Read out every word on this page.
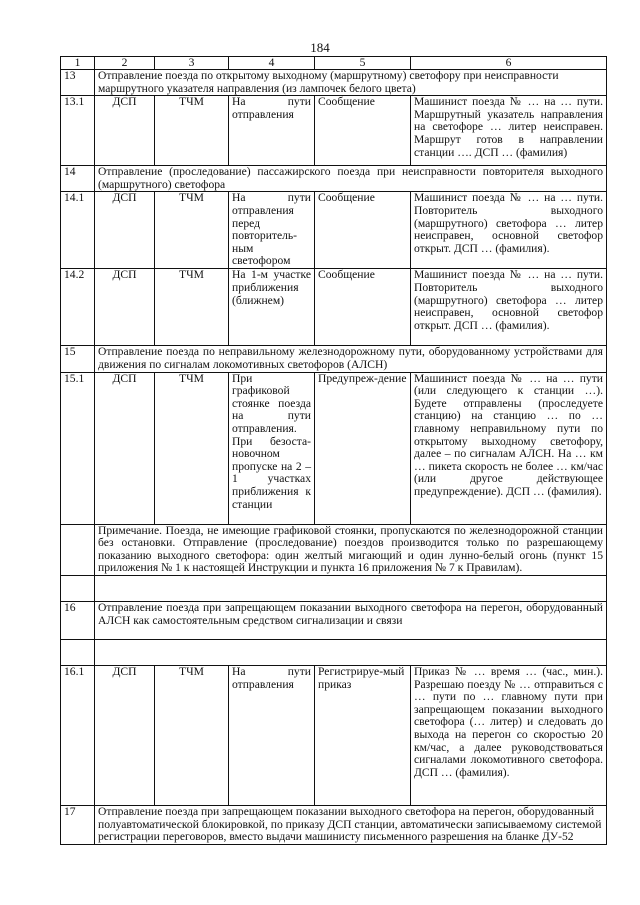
184
1	2	3	4	5	6
13	Отправление поезда по открытому выходному (маршрутному) светофору при неисправности маршрутного указателя направления (из лампочек белого цвета)				
13.1	ДСП	ТЧМ	На пути отправления	Сообщение	Машинист поезда № … на … пути. Маршрутный указатель направления на светофоре … литер неисправен. Маршрут готов в направлении станции …. ДСП … (фамилия)
14	Отправление (проследование) пассажирского поезда при неисправности повторителя выходного (маршрутного) светофора				
14.1	ДСП	ТЧМ	На пути отправления перед повторитель-ным светофором	Сообщение	Машинист поезда № … на … пути. Повторитель выходного (маршрутного) светофора … литер неисправен, основной светофор открыт. ДСП … (фамилия).
14.2	ДСП	ТЧМ	На 1-м участке приближения (ближнем)	Сообщение	Машинист поезда № … на … пути. Повторитель выходного (маршрутного) светофора … литер неисправен, основной светофор открыт. ДСП … (фамилия).
15	Отправление поезда по неправильному железнодорожному пути, оборудованному устройствами для движения по сигналам локомотивных светофоров (АЛСН)				
15.1	ДСП	ТЧМ	При графиковой стоянке поезда на пути отправления. При безоста-новочном пропуске на 2 – 1 участках приближения к станции	Предупреж-дение	Машинист поезда № … на … пути (или следующего к станции …). Будете отправлены (проследуете станцию) на станцию … по … главному неправильному пути по открытому выходному светофору, далее – по сигналам АЛСН. На … км … пикета скорость не более … км/час (или другое действующее предупреждение). ДСП … (фамилия).
	Примечание. Поезда, не имеющие графиковой стоянки, пропускаются по железнодорожной станции без остановки. Отправление (проследование) поездов производится только по разрешающему показанию выходного светофора: один желтый мигающий и один лунно-белый огонь (пункт 15 приложения № 1 к настоящей Инструкции и пункта 16 приложения № 7 к Правилам).				

16	Отправление поезда при запрещающем показании выходного светофора на перегон, оборудованный АЛСН как самостоятельным средством сигнализации и связи				

16.1	ДСП	ТЧМ	На пути отправления	Регистрируе-мый приказ	Приказ № … время … (час., мин.). Разрешаю поезду № … отправиться с … пути по … главному пути при запрещающем показании выходного светофора (… литер) и следовать до выхода на перегон со скоростью 20 км/час, а далее руководствоваться сигналами локомотивного светофора. ДСП … (фамилия).
17	Отправление поезда при запрещающем показании выходного светофора на перегон, оборудованный полуавтоматической блокировкой, по приказу ДСП станции, автоматически записываемому системой регистрации переговоров, вместо выдачи машинисту письменного разрешения на бланке ДУ-52				
